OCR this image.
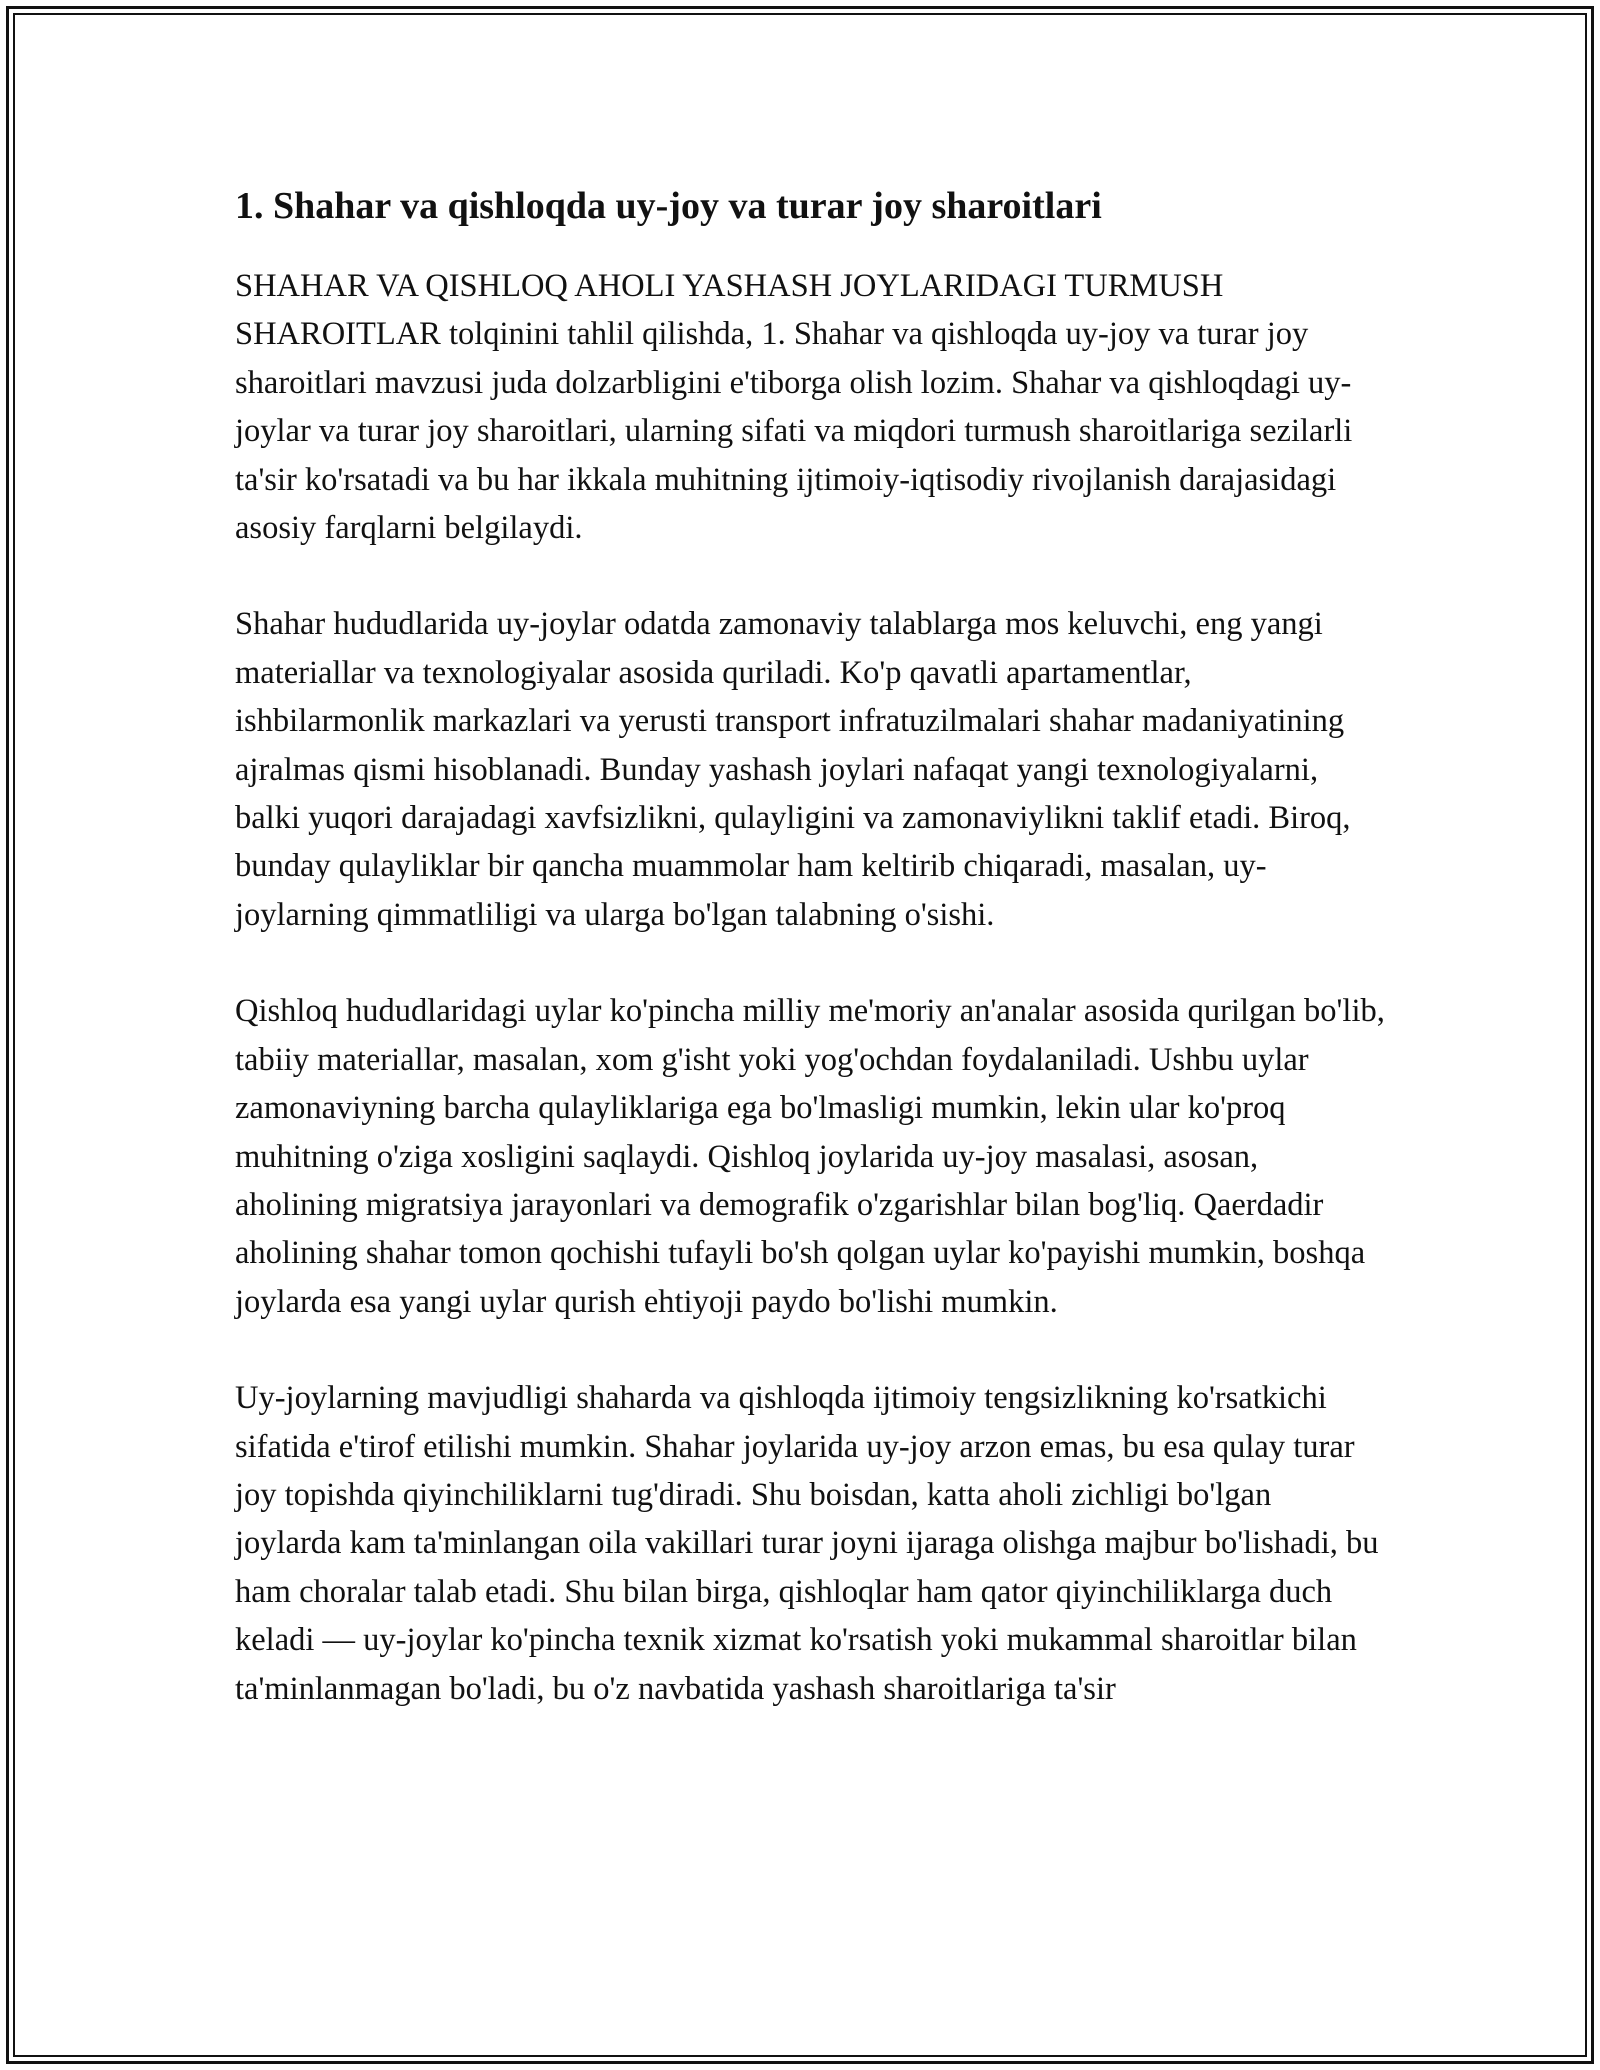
1. Shahar va qishloqda uy-joy va turar joy sharoitlari

SHAHAR VA QISHLOQ AHOLI YASHASH JOYLARIDAGI TURMUSH SHAROITLAR tolqinini tahlil qilishda, 1. Shahar va qishloqda uy-joy va turar joy sharoitlari mavzusi juda dolzarbligini e'tiborga olish lozim. Shahar va qishloqdagi uy-joylar va turar joy sharoitlari, ularning sifati va miqdori turmush sharoitlariga sezilarli ta'sir ko'rsatadi va bu har ikkala muhitning ijtimoiy-iqtisodiy rivojlanish darajasidagi asosiy farqlarni belgilaydi.

Shahar hududlarida uy-joylar odatda zamonaviy talablarga mos keluvchi, eng yangi materiallar va texnologiyalar asosida quriladi. Ko'p qavatli apartamentlar, ishbilarmonlik markazlari va yerusti transport infratuzilmalari shahar madaniyatining ajralmas qismi hisoblanadi. Bunday yashash joylari nafaqat yangi texnologiyalarni, balki yuqori darajadagi xavfsizlikni, qulayligini va zamonaviylikni taklif etadi. Biroq, bunday qulayliklar bir qancha muammolar ham keltirib chiqaradi, masalan, uy-joylarning qimmatliligi va ularga bo'lgan talabning o'sishi.

Qishloq hududlaridagi uylar ko'pincha milliy me'moriy an'analar asosida qurilgan bo'lib, tabiiy materiallar, masalan, xom g'isht yoki yog'ochdan foydalaniladi. Ushbu uylar zamonaviyning barcha qulayliklariga ega bo'lmasligi mumkin, lekin ular ko'proq muhitning o'ziga xosligini saqlaydi. Qishloq joylarida uy-joy masalasi, asosan, aholining migratsiya jarayonlari va demografik o'zgarishlar bilan bog'liq. Qaerdadir aholining shahar tomon qochishi tufayli bo'sh qolgan uylar ko'payishi mumkin, boshqa joylarda esa yangi uylar qurish ehtiyoji paydo bo'lishi mumkin.

Uy-joylarning mavjudligi shaharda va qishloqda ijtimoiy tengsizlikning ko'rsatkichi sifatida e'tirof etilishi mumkin. Shahar joylarida uy-joy arzon emas, bu esa qulay turar joy topishda qiyinchiliklarni tug'diradi. Shu boisdan, katta aholi zichligi bo'lgan joylarda kam ta'minlangan oila vakillari turar joyni ijaraga olishga majbur bo'lishadi, bu ham choralar talab etadi. Shu bilan birga, qishloqlar ham qator qiyinchiliklarga duch keladi — uy-joylar ko'pincha texnik xizmat ko'rsatish yoki mukammal sharoitlar bilan ta'minlanmagan bo'ladi, bu o'z navbatida yashash sharoitlariga ta'sir
